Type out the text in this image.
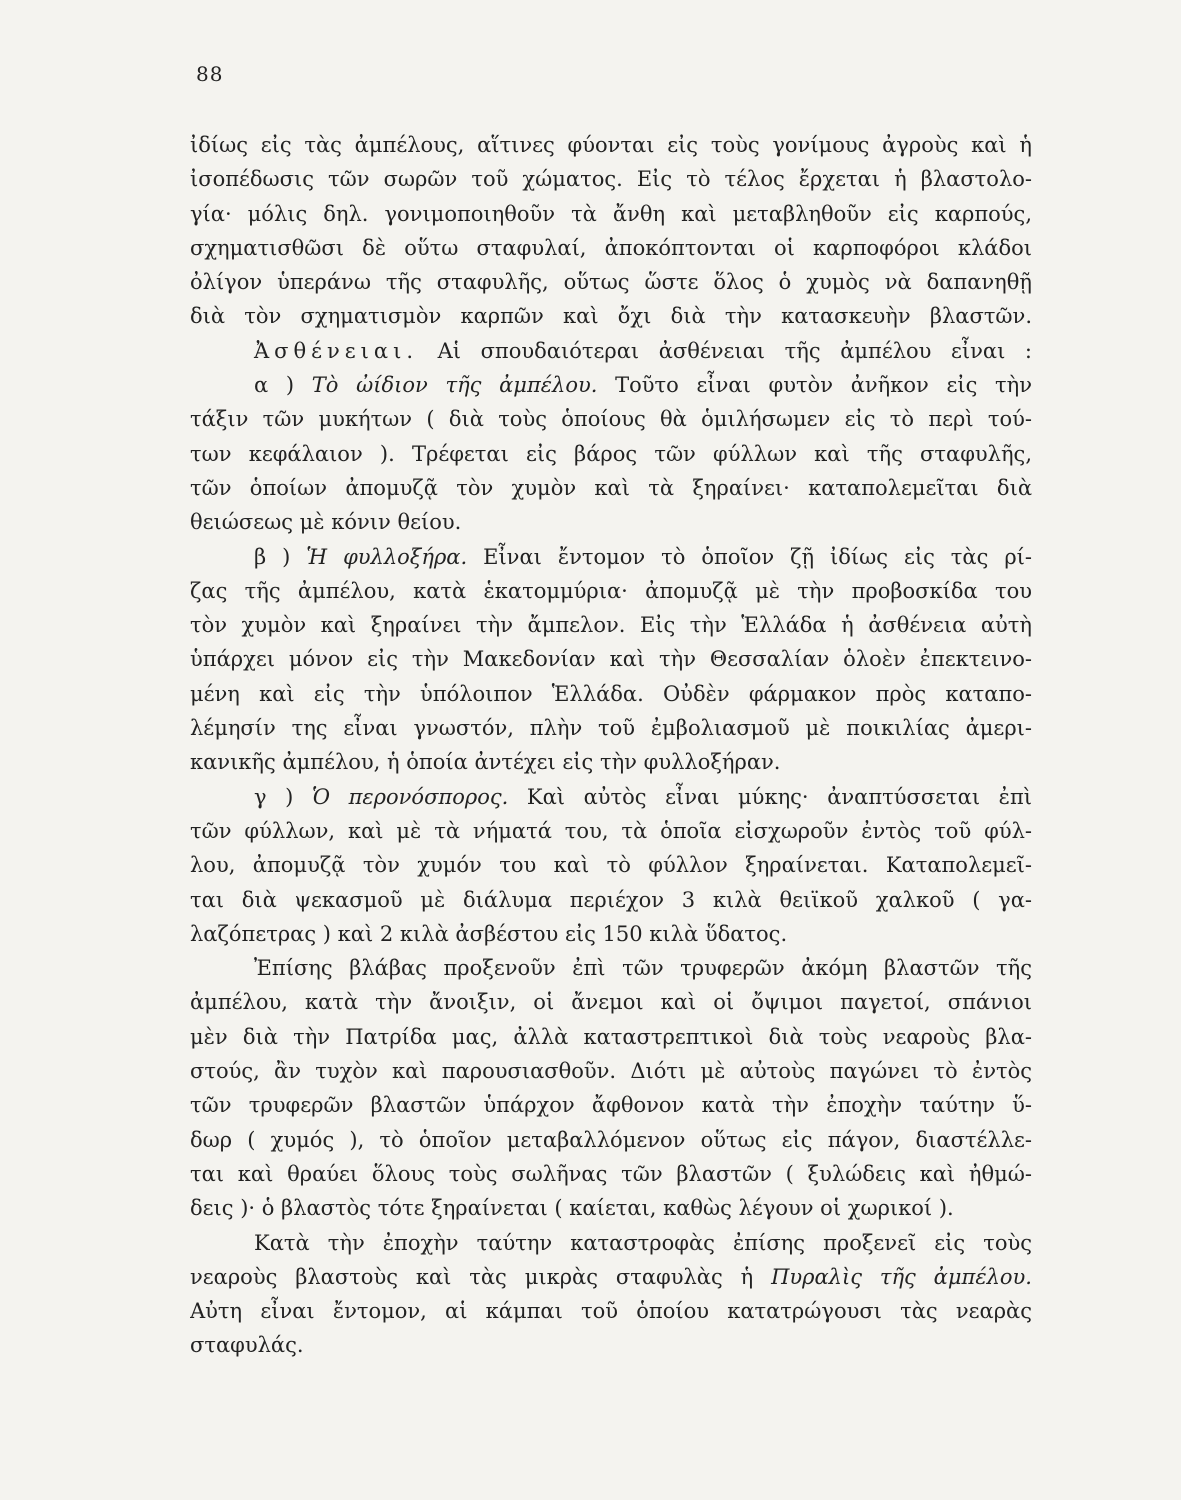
88
ἰδίως εἰς τὰς ἀμπέλους, αἵτινες φύονται εἰς τοὺς γονίμους ἀγροὺς καὶ ἡ
ἰσοπέδωσις τῶν σωρῶν τοῦ χώματος. Εἰς τὸ τέλος ἔρχεται ἡ βλαστολο-
γία· μόλις δηλ. γονιμοποιηθοῦν τὰ ἄνθη καὶ μεταβληθοῦν εἰς καρπούς,
σχηματισθῶσι δὲ οὕτω σταφυλαί, ἀποκόπτονται οἱ καρποφόροι κλάδοι
ὀλίγον ὑπεράνω τῆς σταφυλῆς, οὕτως ὥστε ὅλος ὁ χυμὸς νὰ δαπανηθῇ
διὰ τὸν σχηματισμὸν καρπῶν καὶ ὄχι διὰ τὴν κατασκευὴν βλαστῶν.
Ἀσθένειαι. Αἱ σπουδαιότεραι ἀσθένειαι τῆς ἀμπέλου εἶναι :
α ) Τὸ ὠίδιον τῆς ἀμπέλου. Τοῦτο εἶναι φυτὸν ἀνῆκον εἰς τὴν
τάξιν τῶν μυκήτων ( διὰ τοὺς ὁποίους θὰ ὁμιλήσωμεν εἰς τὸ περὶ τού-
των κεφάλαιον ). Τρέφεται εἰς βάρος τῶν φύλλων καὶ τῆς σταφυλῆς,
τῶν ὁποίων ἀπομυζᾷ τὸν χυμὸν καὶ τὰ ξηραίνει· καταπολεμεῖται διὰ
θειώσεως μὲ κόνιν θείου.
β ) Ἡ φυλλοξήρα. Εἶναι ἔντομον τὸ ὁποῖον ζῇ ἰδίως εἰς τὰς ρί-
ζας τῆς ἀμπέλου, κατὰ ἑκατομμύρια· ἀπομυζᾷ μὲ τὴν προβοσκίδα του
τὸν χυμὸν καὶ ξηραίνει τὴν ἄμπελον. Εἰς τὴν Ἑλλάδα ἡ ἀσθένεια αὐτὴ
ὑπάρχει μόνον εἰς τὴν Μακεδονίαν καὶ τὴν Θεσσαλίαν ὁλοὲν ἐπεκτεινο-
μένη καὶ εἰς τὴν ὑπόλοιπον Ἑλλάδα. Οὐδὲν φάρμακον πρὸς καταπο-
λέμησίν της εἶναι γνωστόν, πλὴν τοῦ ἐμβολιασμοῦ μὲ ποικιλίας ἀμερι-
κανικῆς ἀμπέλου, ἡ ὁποία ἀντέχει εἰς τὴν φυλλοξήραν.
γ ) Ὁ περονόσπορος. Καὶ αὐτὸς εἶναι μύκης· ἀναπτύσσεται ἐπὶ
τῶν φύλλων, καὶ μὲ τὰ νήματά του, τὰ ὁποῖα εἰσχωροῦν ἐντὸς τοῦ φύλ-
λου, ἀπομυζᾷ τὸν χυμόν του καὶ τὸ φύλλον ξηραίνεται. Καταπολεμεῖ-
ται διὰ ψεκασμοῦ μὲ διάλυμα περιέχον 3 κιλὰ θειϊκοῦ χαλκοῦ ( γα-
λαζόπετρας ) καὶ 2 κιλὰ ἀσβέστου εἰς 150 κιλὰ ὕδατος.
Ἐπίσης βλάβας προξενοῦν ἐπὶ τῶν τρυφερῶν ἀκόμη βλαστῶν τῆς
ἀμπέλου, κατὰ τὴν ἄνοιξιν, οἱ ἄνεμοι καὶ οἱ ὄψιμοι παγετοί, σπάνιοι
μὲν διὰ τὴν Πατρίδα μας, ἀλλὰ καταστρεπτικοὶ διὰ τοὺς νεαροὺς βλα-
στούς, ἂν τυχὸν καὶ παρουσιασθοῦν. Διότι μὲ αὐτοὺς παγώνει τὸ ἐντὸς
τῶν τρυφερῶν βλαστῶν ὑπάρχον ἄφθονον κατὰ τὴν ἐποχὴν ταύτην ὕ-
δωρ ( χυμός ), τὸ ὁποῖον μεταβαλλόμενον οὕτως εἰς πάγον, διαστέλλε-
ται καὶ θραύει ὅλους τοὺς σωλῆνας τῶν βλαστῶν ( ξυλώδεις καὶ ἠθμώ-
δεις )· ὁ βλαστὸς τότε ξηραίνεται ( καίεται, καθὼς λέγουν οἱ χωρικοί ).
Κατὰ τὴν ἐποχὴν ταύτην καταστροφὰς ἐπίσης προξενεῖ εἰς τοὺς
νεαροὺς βλαστοὺς καὶ τὰς μικρὰς σταφυλὰς ἡ Πυραλὶς τῆς ἀμπέλου.
Αὐτη εἶναι ἔντομον, αἱ κάμπαι τοῦ ὁποίου κατατρώγουσι τὰς νεαρὰς
σταφυλάς.
